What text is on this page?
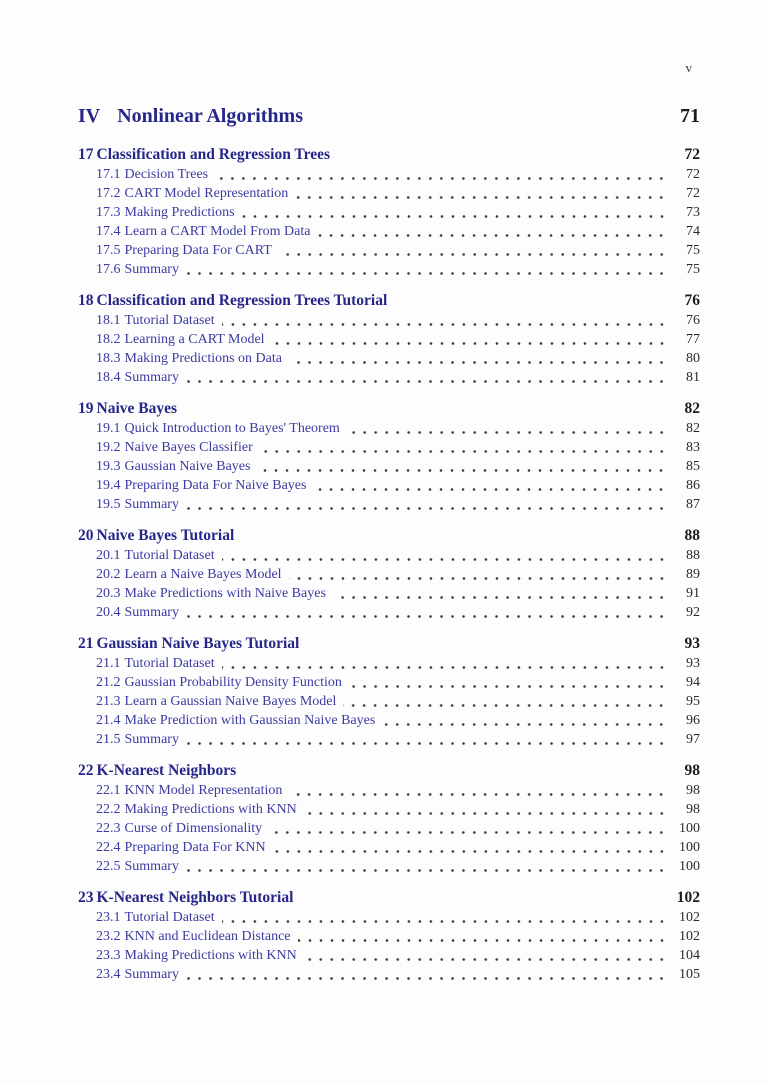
v
IV Nonlinear Algorithms	71
17 Classification and Regression Trees	72
17.1 Decision Trees	72
17.2 CART Model Representation	72
17.3 Making Predictions	73
17.4 Learn a CART Model From Data	74
17.5 Preparing Data For CART	75
17.6 Summary	75
18 Classification and Regression Trees Tutorial	76
18.1 Tutorial Dataset	76
18.2 Learning a CART Model	77
18.3 Making Predictions on Data	80
18.4 Summary	81
19 Naive Bayes	82
19.1 Quick Introduction to Bayes' Theorem	82
19.2 Naive Bayes Classifier	83
19.3 Gaussian Naive Bayes	85
19.4 Preparing Data For Naive Bayes	86
19.5 Summary	87
20 Naive Bayes Tutorial	88
20.1 Tutorial Dataset	88
20.2 Learn a Naive Bayes Model	89
20.3 Make Predictions with Naive Bayes	91
20.4 Summary	92
21 Gaussian Naive Bayes Tutorial	93
21.1 Tutorial Dataset	93
21.2 Gaussian Probability Density Function	94
21.3 Learn a Gaussian Naive Bayes Model	95
21.4 Make Prediction with Gaussian Naive Bayes	96
21.5 Summary	97
22 K-Nearest Neighbors	98
22.1 KNN Model Representation	98
22.2 Making Predictions with KNN	98
22.3 Curse of Dimensionality	100
22.4 Preparing Data For KNN	100
22.5 Summary	100
23 K-Nearest Neighbors Tutorial	102
23.1 Tutorial Dataset	102
23.2 KNN and Euclidean Distance	102
23.3 Making Predictions with KNN	104
23.4 Summary	105
